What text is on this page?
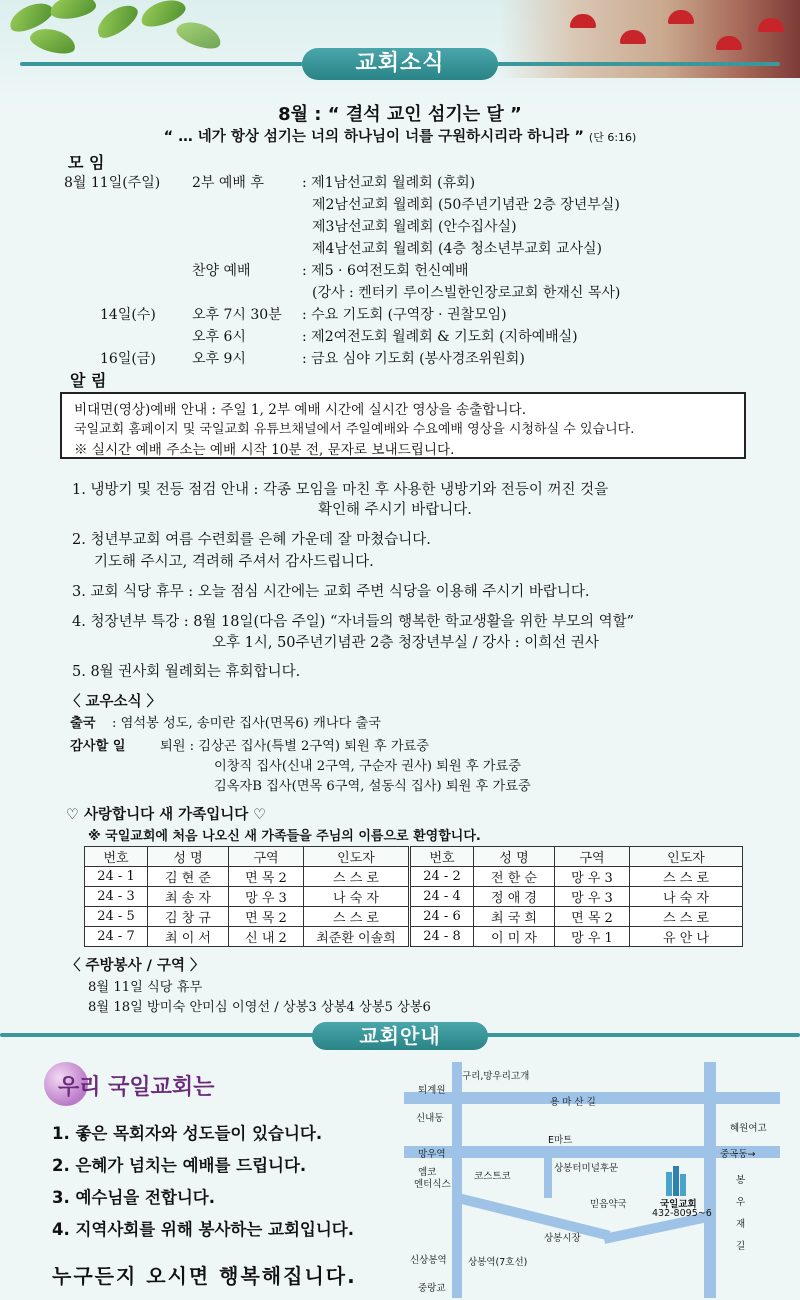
교회소식
8월 : “ 결석 교인 섬기는 달 ”
“ … 네가 항상 섬기는 너의 하나님이 너를 구원하시리라 하니라 ” (단 6:16)
모 임
8월 11일(주일) 2부 예배 후	: 제1남선교회 월례회 (휴회)
제2남선교회 월례회 (50주년기념관 2층 장년부실)
제3남선교회 월례회 (안수집사실)
제4남선교회 월례회 (4층 청소년부교회 교사실)
찬양 예배	: 제5 · 6여전도회 헌신예배
(강사 : 켄터키 루이스빌한인장로교회 한재신 목사)
14일(수)	오후 7시 30분 : 수요 기도회 (구역장 · 권찰모임)
오후 6시	: 제2여전도회 월례회 & 기도회 (지하예배실)
16일(금)	오후 9시	: 금요 심야 기도회 (봉사경조위원회)
알 림
비대면(영상)예배 안내 : 주일 1, 2부 예배 시간에 실시간 영상을 송출합니다.
국일교회 홈페이지 및 국일교회 유튜브채널에서 주일예배와 수요예배 영상을 시청하실 수 있습니다.
※ 실시간 예배 주소는 예배 시작 10분 전, 문자로 보내드립니다.
1. 냉방기 및 전등 점검 안내 : 각종 모임을 마친 후 사용한 냉방기와 전등이 꺼진 것을
확인해 주시기 바랍니다.
2. 청년부교회 여름 수련회를 은혜 가운데 잘 마쳤습니다.
기도해 주시고, 격려해 주셔서 감사드립니다.
3. 교회 식당 휴무 : 오늘 점심 시간에는 교회 주변 식당을 이용해 주시기 바랍니다.
4. 청장년부 특강 : 8월 18일(다음 주일) “자녀들의 행복한 학교생활을 위한 부모의 역할”
오후 1시, 50주년기념관 2층 청장년부실 / 강사 : 이희선 권사
5. 8월 권사회 월례회는 휴회합니다.
〈 교우소식 〉
출국 : 염석봉 성도, 송미란 집사(면목6) 캐나다 출국
감사할 일	퇴원 : 김상곤 집사(특별 2구역) 퇴원 후 가료중
이창직 집사(신내 2구역, 구순자 권사) 퇴원 후 가료중
김옥자B 집사(면목 6구역, 설동식 집사) 퇴원 후 가료중
♡ 사랑합니다 새 가족입니다 ♡
※ 국일교회에 처음 나오신 새 가족들을 주님의 이름으로 환영합니다.
번호	성 명	구역	인도자	번호	성 명	구역	인도자
24 - 1	김 현 준	면 목 2	스 스 로	24 - 2	전 한 순	망 우 3	스 스 로
24 - 3	최 송 자	망 우 3	나 숙 자	24 - 4	정 애 경	망 우 3	나 숙 자
24 - 5	김 창 규	면 목 2	스 스 로	24 - 6	최 국 희	면 목 2	스 스 로
24 - 7	최 이 서	신 내 2	최준환 이솔희	24 - 8	이 미 자	망 우 1	유 안 나
〈 주방봉사 / 구역 〉
8월 11일 식당 휴무
8월 18일 방미숙 안미심 이영선 / 상봉3 상봉4 상봉5 상봉6
교회안내
우리 국일교회는
1. 좋은 목회자와 성도들이 있습니다.
2. 은혜가 넘치는 예배를 드립니다.
3. 예수님을 전합니다.
4. 지역사회를 위해 봉사하는 교회입니다.
누구든지 오시면 행복해집니다.
구리,망우리고개
퇴계원
용 마 산 길
신내동
E마트
혜원여고
망우역	중곡동→
엠코
엔터식스
코스트코
상봉터미널후문
국일교회
432-8095~6
믿음약국
봉
우
재
길
상봉시장
신상봉역 상봉역(7호선)
중랑교
